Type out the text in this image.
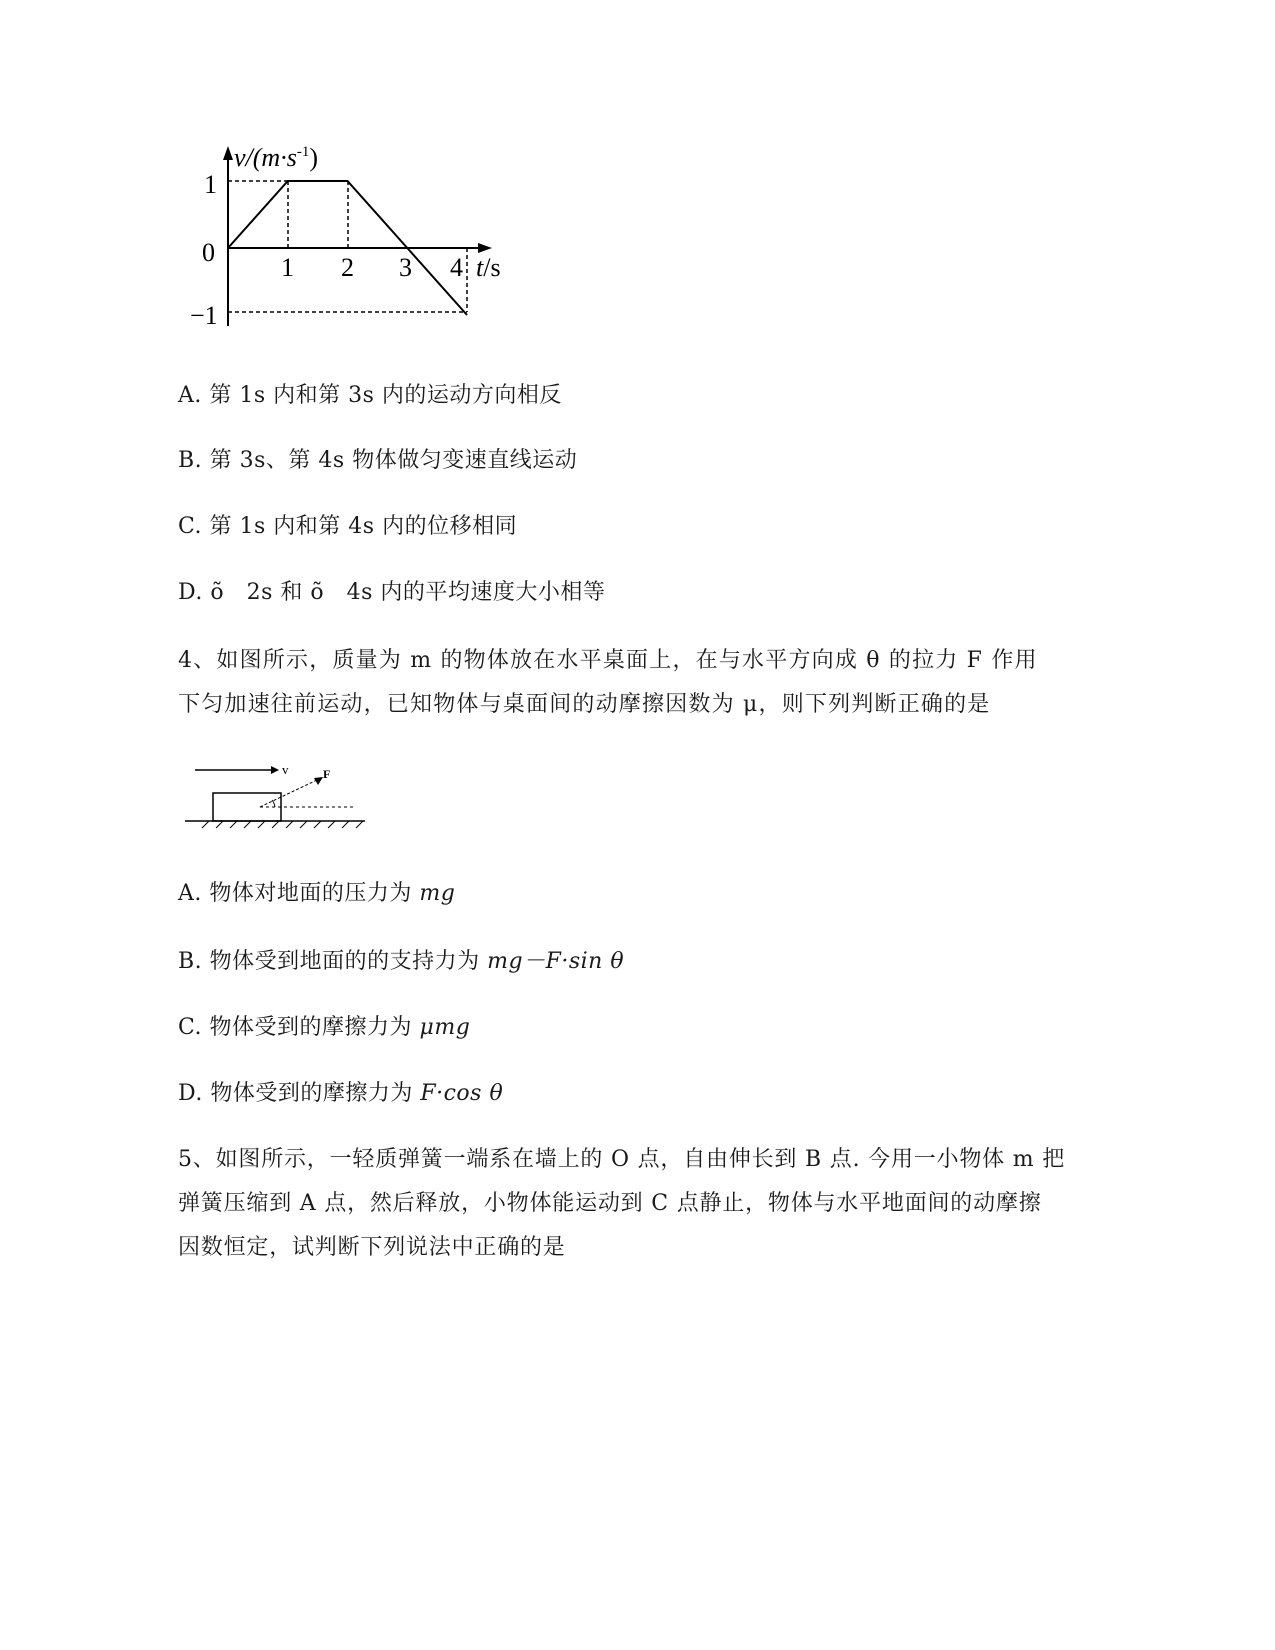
1
0
−1
1 2 3 4
$v/(m\cdot s^{-1})$
t/s
A. 第 1s 内和第 3s 内的运动方向相反
B. 第 3s、第 4s 物体做匀变速直线运动
C. 第 1s 内和第 4s 内的位移相同
D. õ　2s 和 õ　4s 内的平均速度大小相等
4、如图所示，质量为 m 的物体放在水平桌面上，在与水平方向成 θ 的拉力 F 作用
下匀加速往前运动，已知物体与桌面间的动摩擦因数为 μ，则下列判断正确的是
v	F
A. 物体对地面的压力为 mg
B. 物体受到地面的的支持力为 mg－F·sin θ
C. 物体受到的摩擦力为 μmg
D. 物体受到的摩擦力为 F·cos θ
5、如图所示，一轻质弹簧一端系在墙上的 O 点，自由伸长到 B 点. 今用一小物体 m 把
弹簧压缩到 A 点，然后释放，小物体能运动到 C 点静止，物体与水平地面间的动摩擦
因数恒定，试判断下列说法中正确的是
